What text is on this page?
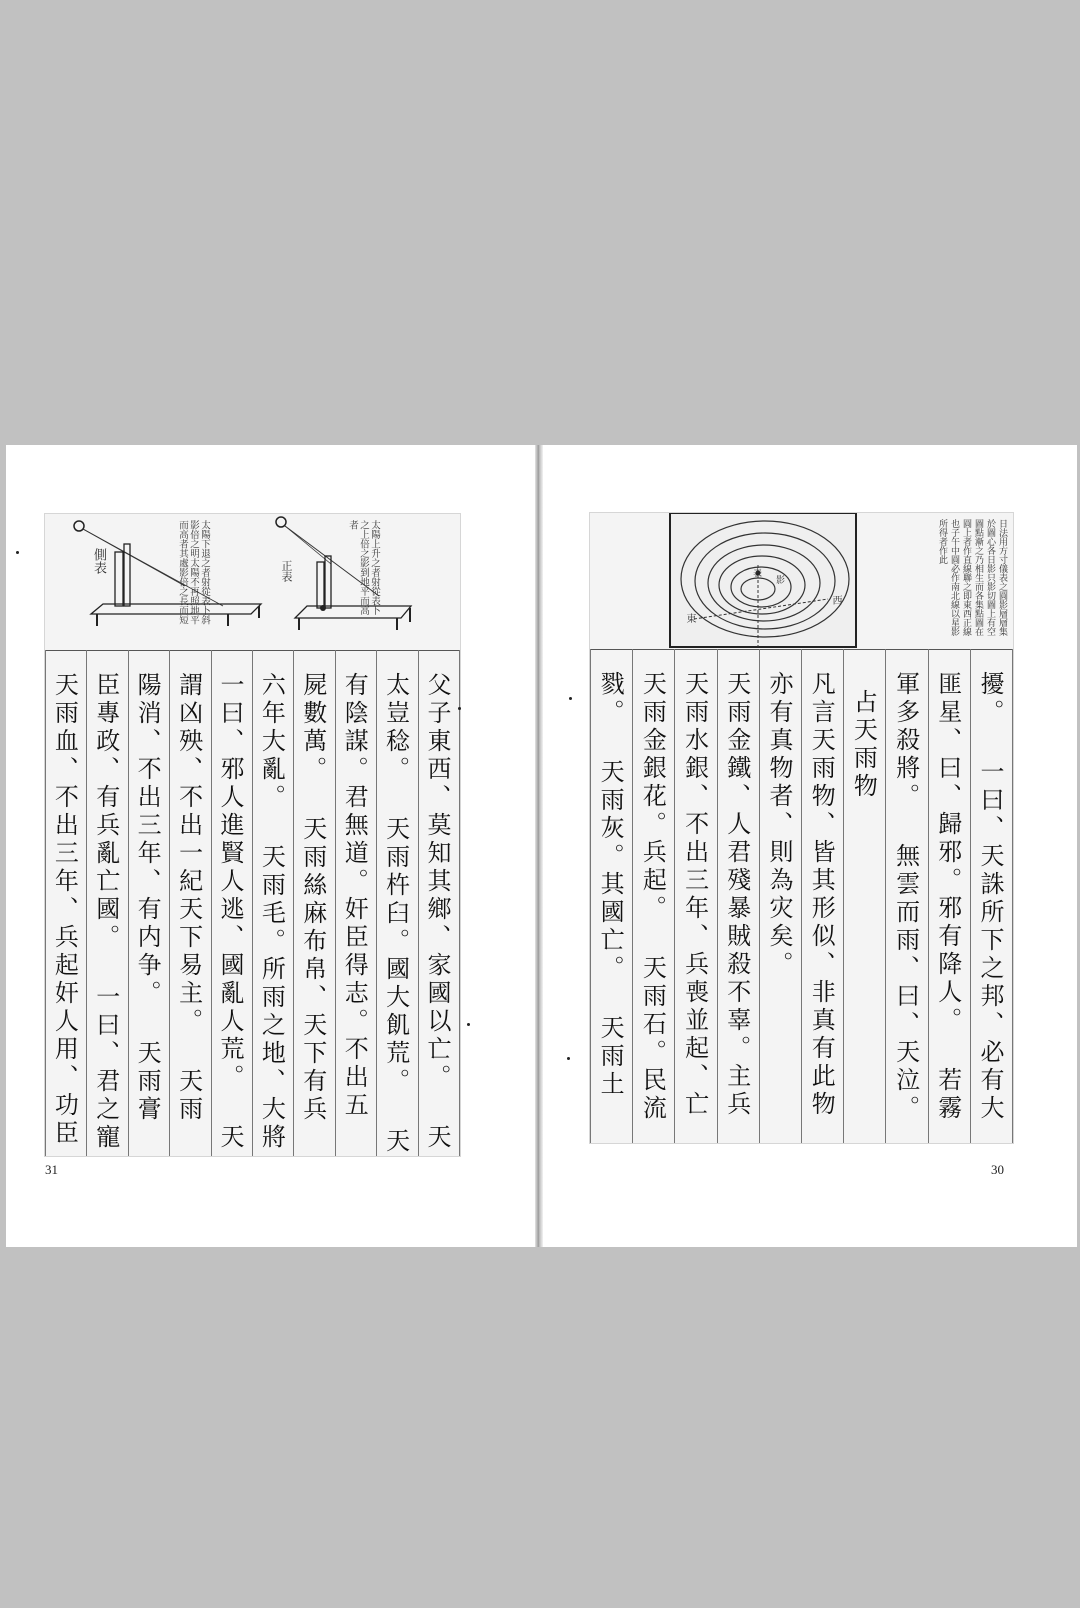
側表	太陽下退之者射從表卜斜影倍之明太陽不再照地平而高者其處影倍之長而短	正表	太陽上升之者射從表卜之上倍之影到地平而高者
父子東西、莫知其鄉、家國以亡。 天
太豈稔。 天雨杵臼。國大飢荒。 天
有陰謀。君無道。奸臣得志。不出五
屍數萬。 天雨絲麻布帛、天下有兵
六年大亂。 天雨毛。所雨之地、大將
一曰、邪人進賢人逃、國亂人荒。 天
謂凶殃、不出一紀天下易主。 天雨
陽消、不出三年、有内争。 天雨膏
臣專政、有兵亂亡國。 一曰、君之寵
天雨血、不出三年、兵起奸人用、功臣
31
表
影
東
西	日法用方寸儀表之圓影層層集於圖心各日影只影切圖上有空圖點漸之乃相生而各集點圖在圓上者作直線聯之即東西正線也子午中圓必作南北線以星影所得者作此
擾。 一曰、天誅所下之邦、必有大
匪星、曰、歸邪。邪有降人。 若霧
軍多殺將。 無雲而雨、曰、天泣。
占天雨物
凡言天雨物、皆其形似、非真有此物
亦有真物者、則為灾矣。
天雨金鐵、人君殘暴賊殺不辜。主兵
天雨水銀、不出三年、兵喪並起、亡
天雨金銀花。兵起。 天雨石。民流
戮。 天雨灰。其國亡。 天雨土
30
